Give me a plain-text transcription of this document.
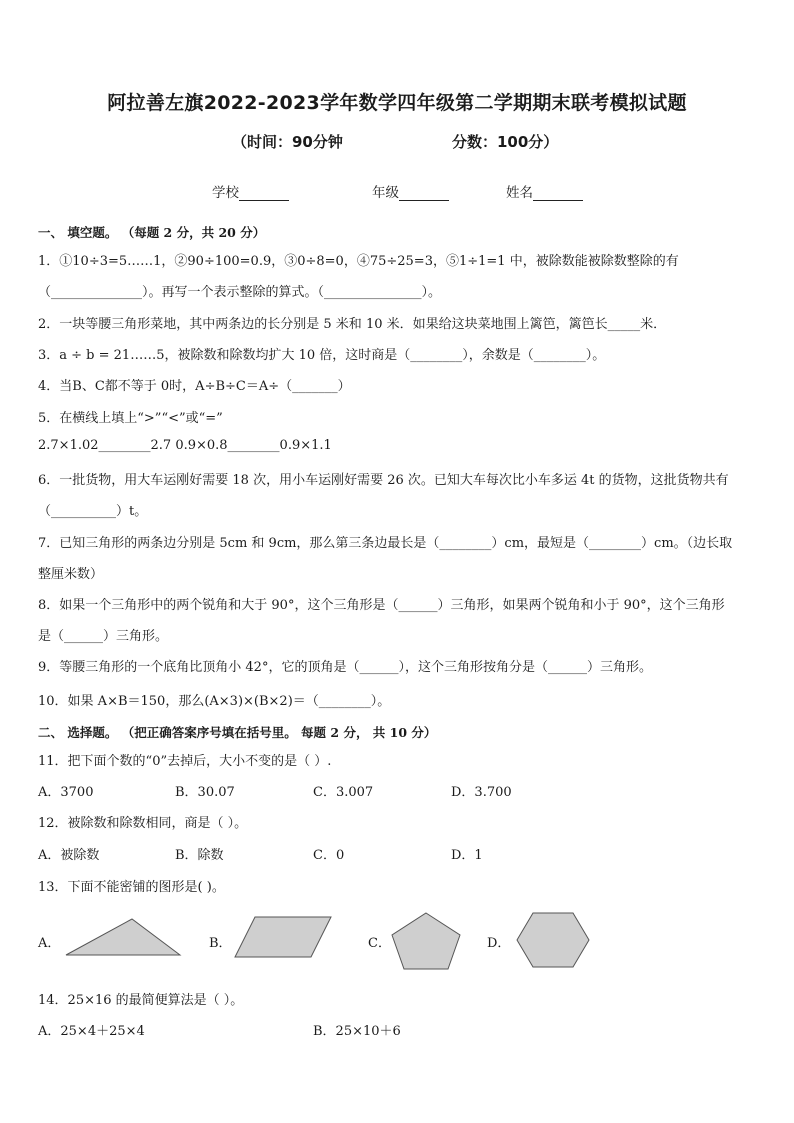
阿拉善左旗2022-2023学年数学四年级第二学期期末联考模拟试题
（时间：90分钟	分数：100分）
学校	年级	姓名
一、 填空题。 （每题 2 分，共 20 分）
1．①10÷3=5……1，②90÷100=0.9，③0÷8=0，④75÷25=3，⑤1÷1=1 中，被除数能被除数整除的有
（______________）。再写一个表示整除的算式。（_______________）。
2．一块等腰三角形菜地，其中两条边的长分别是 5 米和 10 米．如果给这块菜地围上篱笆，篱笆长_____米．
3．a ÷ b = 21……5，被除数和除数均扩大 10 倍，这时商是（________），余数是（________）。
4．当B、C都不等于 0时，A÷B÷C＝A÷（_______）
5．在横线上填上“>”“<”或“=”
2.7×1.02________2.7 0.9×0.8________0.9×1.1
6．一批货物，用大车运刚好需要 18 次，用小车运刚好需要 26 次。已知大车每次比小车多运 4t 的货物，这批货物共有
（__________）t。
7．已知三角形的两条边分别是 5cm 和 9cm，那么第三条边最长是（________）cm，最短是（________）cm。（边长取
整厘米数）
8．如果一个三角形中的两个锐角和大于 90°，这个三角形是（______）三角形，如果两个锐角和小于 90°，这个三角形
是（______）三角形。
9．等腰三角形的一个底角比顶角小 42°，它的顶角是（______），这个三角形按角分是（______）三角形。
10．如果 A×B＝150，那么(A×3)×(B×2)＝（________）。
二、 选择题。 （把正确答案序号填在括号里。 每题 2 分， 共 10 分）
11．把下面个数的“0”去掉后，大小不变的是（ ）.
A．3700	B．30.07	C．3.007	D．3.700
12．被除数和除数相同，商是（ ）。
A．被除数	B．除数	C．0	D．1
13．下面不能密铺的图形是( )。
A．	B．	C．	D．
14．25×16 的最简便算法是（ ）。
A．25×4＋25×4	B．25×10＋6
